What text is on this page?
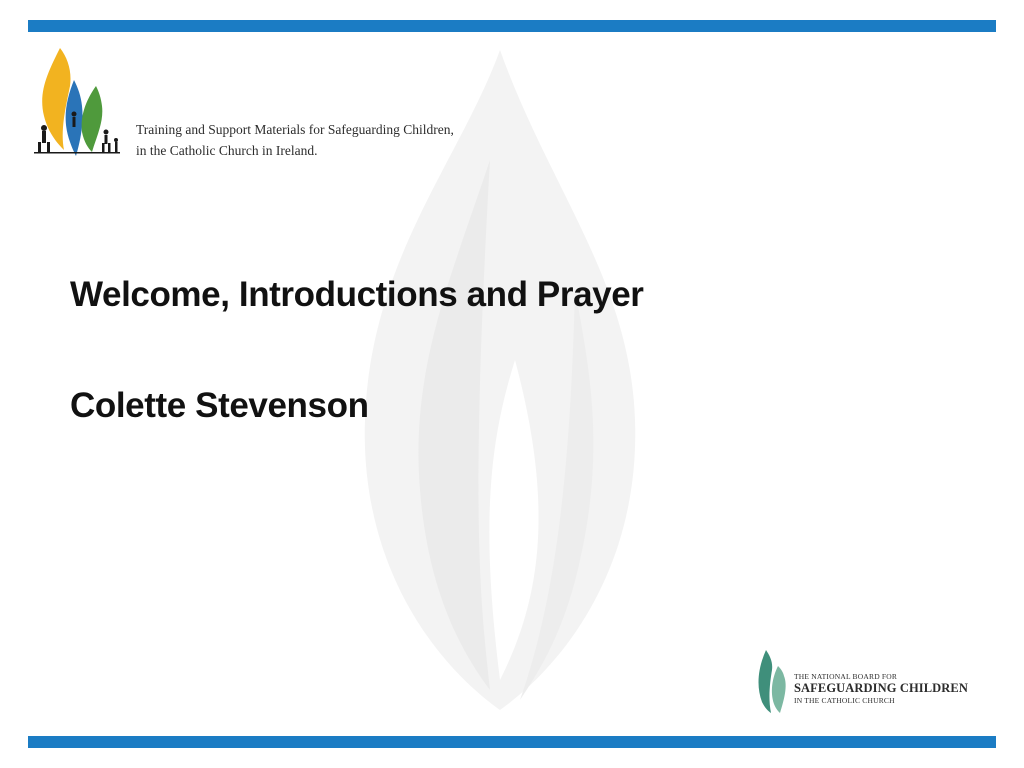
Training and Support Materials for Safeguarding Children,
in the Catholic Church in Ireland.

Welcome, Introductions and Prayer
Colette Stevenson
THE NATIONAL BOARD FOR
SAFEGUARDING CHILDREN
IN THE CATHOLIC CHURCH
